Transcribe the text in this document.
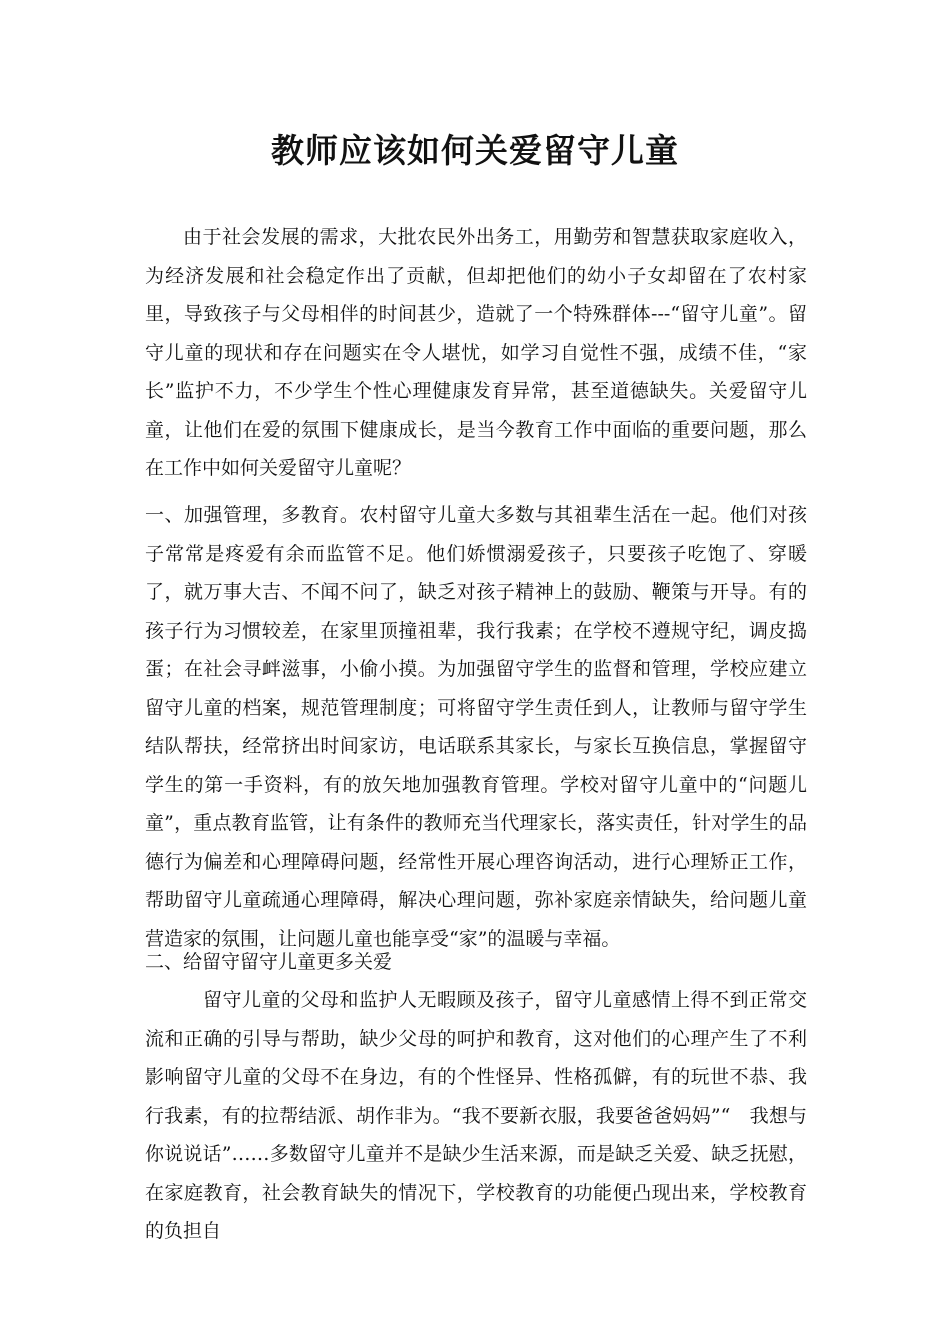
教师应该如何关爱留守儿童

由于社会发展的需求，大批农民外出务工，用勤劳和智慧获取家庭收入，为经济发展和社会稳定作出了贡献，但却把他们的幼小子女却留在了农村家里，导致孩子与父母相伴的时间甚少，造就了一个特殊群体---“留守儿童”。留守儿童的现状和存在问题实在令人堪忧，如学习自觉性不强，成绩不佳，“家长”监护不力，不少学生个性心理健康发育异常，甚至道德缺失。关爱留守儿童，让他们在爱的氛围下健康成长，是当今教育工作中面临的重要问题，那么在工作中如何关爱留守儿童呢？

一、加强管理，多教育。农村留守儿童大多数与其祖辈生活在一起。他们对孩子常常是疼爱有余而监管不足。他们娇惯溺爱孩子，只要孩子吃饱了、穿暖了，就万事大吉、不闻不问了，缺乏对孩子精神上的鼓励、鞭策与开导。有的孩子行为习惯较差，在家里顶撞祖辈，我行我素；在学校不遵规守纪，调皮捣蛋；在社会寻衅滋事，小偷小摸。为加强留守学生的监督和管理，学校应建立留守儿童的档案，规范管理制度；可将留守学生责任到人，让教师与留守学生结队帮扶，经常挤出时间家访，电话联系其家长，与家长互换信息，掌握留守学生的第一手资料，有的放矢地加强教育管理。学校对留守儿童中的“问题儿童”，重点教育监管，让有条件的教师充当代理家长，落实责任，针对学生的品德行为偏差和心理障碍问题，经常性开展心理咨询活动，进行心理矫正工作，帮助留守儿童疏通心理障碍，解决心理问题，弥补家庭亲情缺失，给问题儿童营造家的氛围，让问题儿童也能享受“家”的温暖与幸福。

二、给留守留守儿童更多关爱

留守儿童的父母和监护人无暇顾及孩子，留守儿童感情上得不到正常交流和正确的引导与帮助，缺少父母的呵护和教育，这对他们的心理产生了不利影响留守儿童的父母不在身边，有的个性怪异、性格孤僻，有的玩世不恭、我行我素，有的拉帮结派、胡作非为。“我不要新衣服，我要爸爸妈妈”“　我想与你说说话”……多数留守儿童并不是缺少生活来源，而是缺乏关爱、缺乏抚慰，在家庭教育，社会教育缺失的情况下，学校教育的功能便凸现出来，学校教育的负担自
